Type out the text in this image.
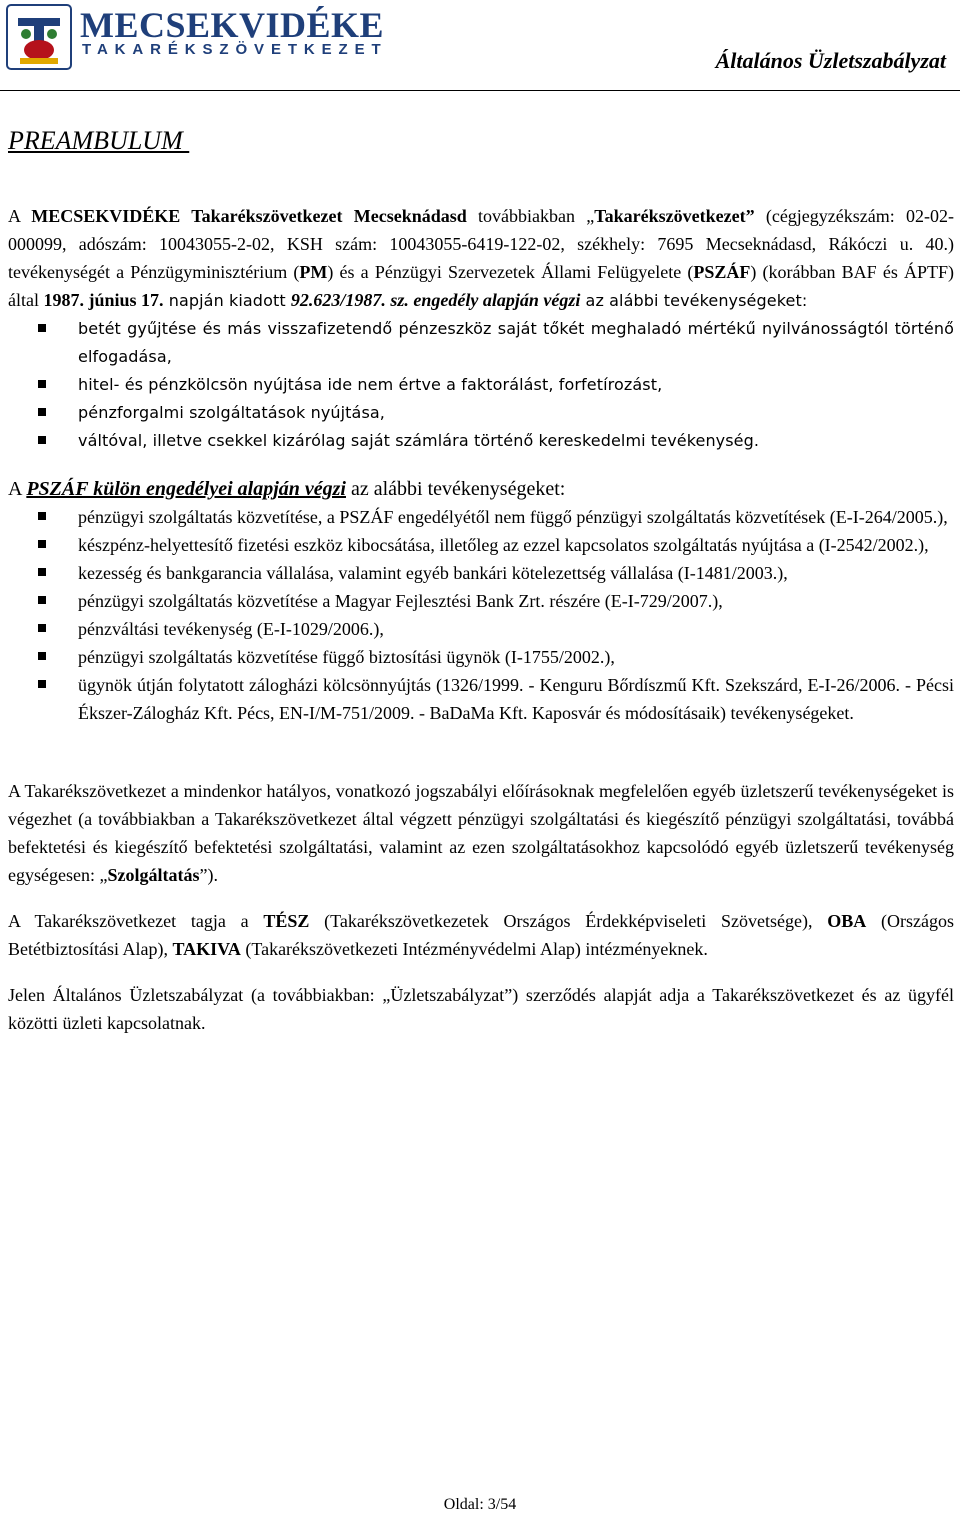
MECSEKVIDÉKE
TAKARÉKSZÖVETKEZET	Általános Üzletszabályzat
PREAMBULUM

A MECSEKVIDÉKE Takarékszövetkezet Mecseknádasd továbbiakban „Takarékszövetkezet” (cégjegyzékszám: 02-02-000099, adószám: 10043055-2-02, KSH szám: 10043055-6419-122-02, székhely: 7695 Mecseknádasd, Rákóczi u. 40.) tevékenységét a Pénzügyminisztérium (PM) és a Pénzügyi Szervezetek Állami Felügyelete (PSZÁF) (korábban BAF és ÁPTF) által 1987. június 17. napján kiadott 92.623/1987. sz. engedély alapján végzi az alábbi tevékenységeket:

betét gyűjtése és más visszafizetendő pénzeszköz saját tőkét meghaladó mértékű nyilvánosságtól történő elfogadása,
hitel- és pénzkölcsön nyújtása ide nem értve a faktorálást, forfetírozást,
pénzforgalmi szolgáltatások nyújtása,
váltóval, illetve csekkel kizárólag saját számlára történő kereskedelmi tevékenység.

A PSZÁF külön engedélyei alapján végzi az alábbi tevékenységeket:

pénzügyi szolgáltatás közvetítése, a PSZÁF engedélyétől nem függő pénzügyi szolgáltatás közvetítések (E-I-264/2005.),
készpénz-helyettesítő fizetési eszköz kibocsátása, illetőleg az ezzel kapcsolatos szolgáltatás nyújtása a (I-2542/2002.),
kezesség és bankgarancia vállalása, valamint egyéb bankári kötelezettség vállalása (I-1481/2003.),
pénzügyi szolgáltatás közvetítése a Magyar Fejlesztési Bank Zrt. részére (E-I-729/2007.),
pénzváltási tevékenység (E-I-1029/2006.),
pénzügyi szolgáltatás közvetítése függő biztosítási ügynök (I-1755/2002.),
ügynök útján folytatott zálogházi kölcsönnyújtás (1326/1999. - Kenguru Bőrdíszmű Kft. Szekszárd, E-I-26/2006. - Pécsi Ékszer-Zálogház Kft. Pécs, EN-I/M-751/2009. - BaDaMa Kft. Kaposvár és módosításaik) tevékenységeket.

A Takarékszövetkezet a mindenkor hatályos, vonatkozó jogszabályi előírásoknak megfelelően egyéb üzletszerű tevékenységeket is végezhet (a továbbiakban a Takarékszövetkezet által végzett pénzügyi szolgáltatási és kiegészítő pénzügyi szolgáltatási, továbbá befektetési és kiegészítő befektetési szolgáltatási, valamint az ezen szolgáltatásokhoz kapcsolódó egyéb üzletszerű tevékenység egységesen: „Szolgáltatás”).

A Takarékszövetkezet tagja a TÉSZ (Takarékszövetkezetek Országos Érdekképviseleti Szövetsége), OBA (Országos Betétbiztosítási Alap), TAKIVA (Takarékszövetkezeti Intézményvédelmi Alap) intézményeknek.

Jelen Általános Üzletszabályzat (a továbbiakban: „Üzletszabályzat”) szerződés alapját adja a Takarékszövetkezet és az ügyfél közötti üzleti kapcsolatnak.

Oldal: 3/54
